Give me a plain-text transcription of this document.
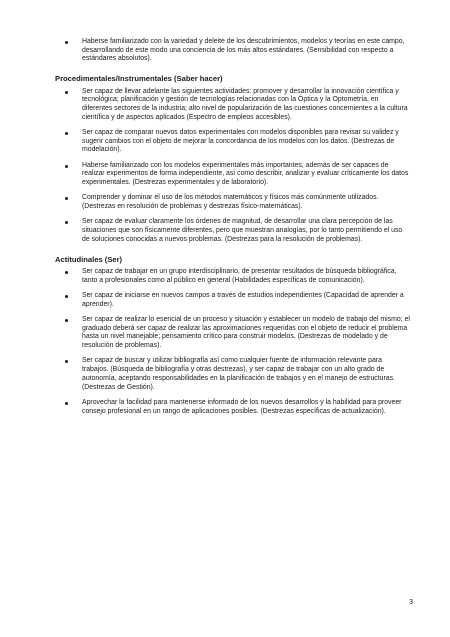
Haberse familiarizado con la variedad y deleite de los descubrimientos, modelos y teorías en este campo, desarrollando de este modo una conciencia de los más altos estándares. (Sensibilidad con respecto a estándares absolutos).
Procedimentales/Instrumentales (Saber hacer)
Ser capaz de llevar adelante las siguientes actividades: promover y desarrollar la innovación científica y tecnológica; planificación y gestión de tecnologías relacionadas con la Óptica y la Optometría, en diferentes sectores de la industria; alto nivel de popularización de las cuestiones concernientes a la cultura científica y de aspectos aplicados (Espectro de empleos accesibles).
Ser capaz de comparar nuevos datos experimentales con modelos disponibles para revisar su validez y sugerir cambios con el objeto de mejorar la concordancia de los modelos con los datos. (Destrezas de modelación).
Haberse familiarizado con los modelos experimentales más importantes, además de ser capaces de realizar experimentos de forma independiente, así como describir, analizar y evaluar críticamente los datos experimentales. (Destrezas experimentales y de laboratorio).
Comprender y dominar el uso de los métodos matemáticos y físicos más comúnmente utilizados. (Destrezas en resolución de problemas y destrezas físico-matemáticas).
Ser capaz de evaluar claramente los órdenes de magnitud, de desarrollar una clara percepción de las situaciones que son físicamente diferentes, pero que muestran analogías, por lo tanto permitiendo el uso de soluciones conocidas a nuevos problemas. (Destrezas para la resolución de problemas).
Actitudinales (Ser)
Ser capaz de trabajar en un grupo interdisciplinario, de presentar resultados de búsqueda bibliográfica, tanto a profesionales como al público en general (Habilidades específicas de comunicación).
Ser capaz de iniciarse en nuevos campos a través de estudios independientes (Capacidad de aprender a aprender).
Ser capaz de realizar lo esencial de un proceso y situación y establecer un modelo de trabajo del mismo; el graduado deberá ser capaz de realizar las aproximaciones requeridas con el objeto de reducir el problema hasta un nivel manejable; pensamiento crítico para construir modelos. (Destrezas de modelado y de resolución de problemas).
Ser capaz de buscar y utilizar bibliografía así como cualquier fuente de información relevante para trabajos. (Búsqueda de bibliografía y otras destrezas), y ser capaz de trabajar con un alto grado de autonomía, aceptando responsabilidades en la planificación de trabajos y en el manejo de estructuras. (Destrezas de Gestión).
Aprovechar la facilidad para mantenerse informado de los nuevos desarrollos y la habilidad para proveer consejo profesional en un rango de aplicaciones posibles. (Destrezas específicas de actualización).
3
